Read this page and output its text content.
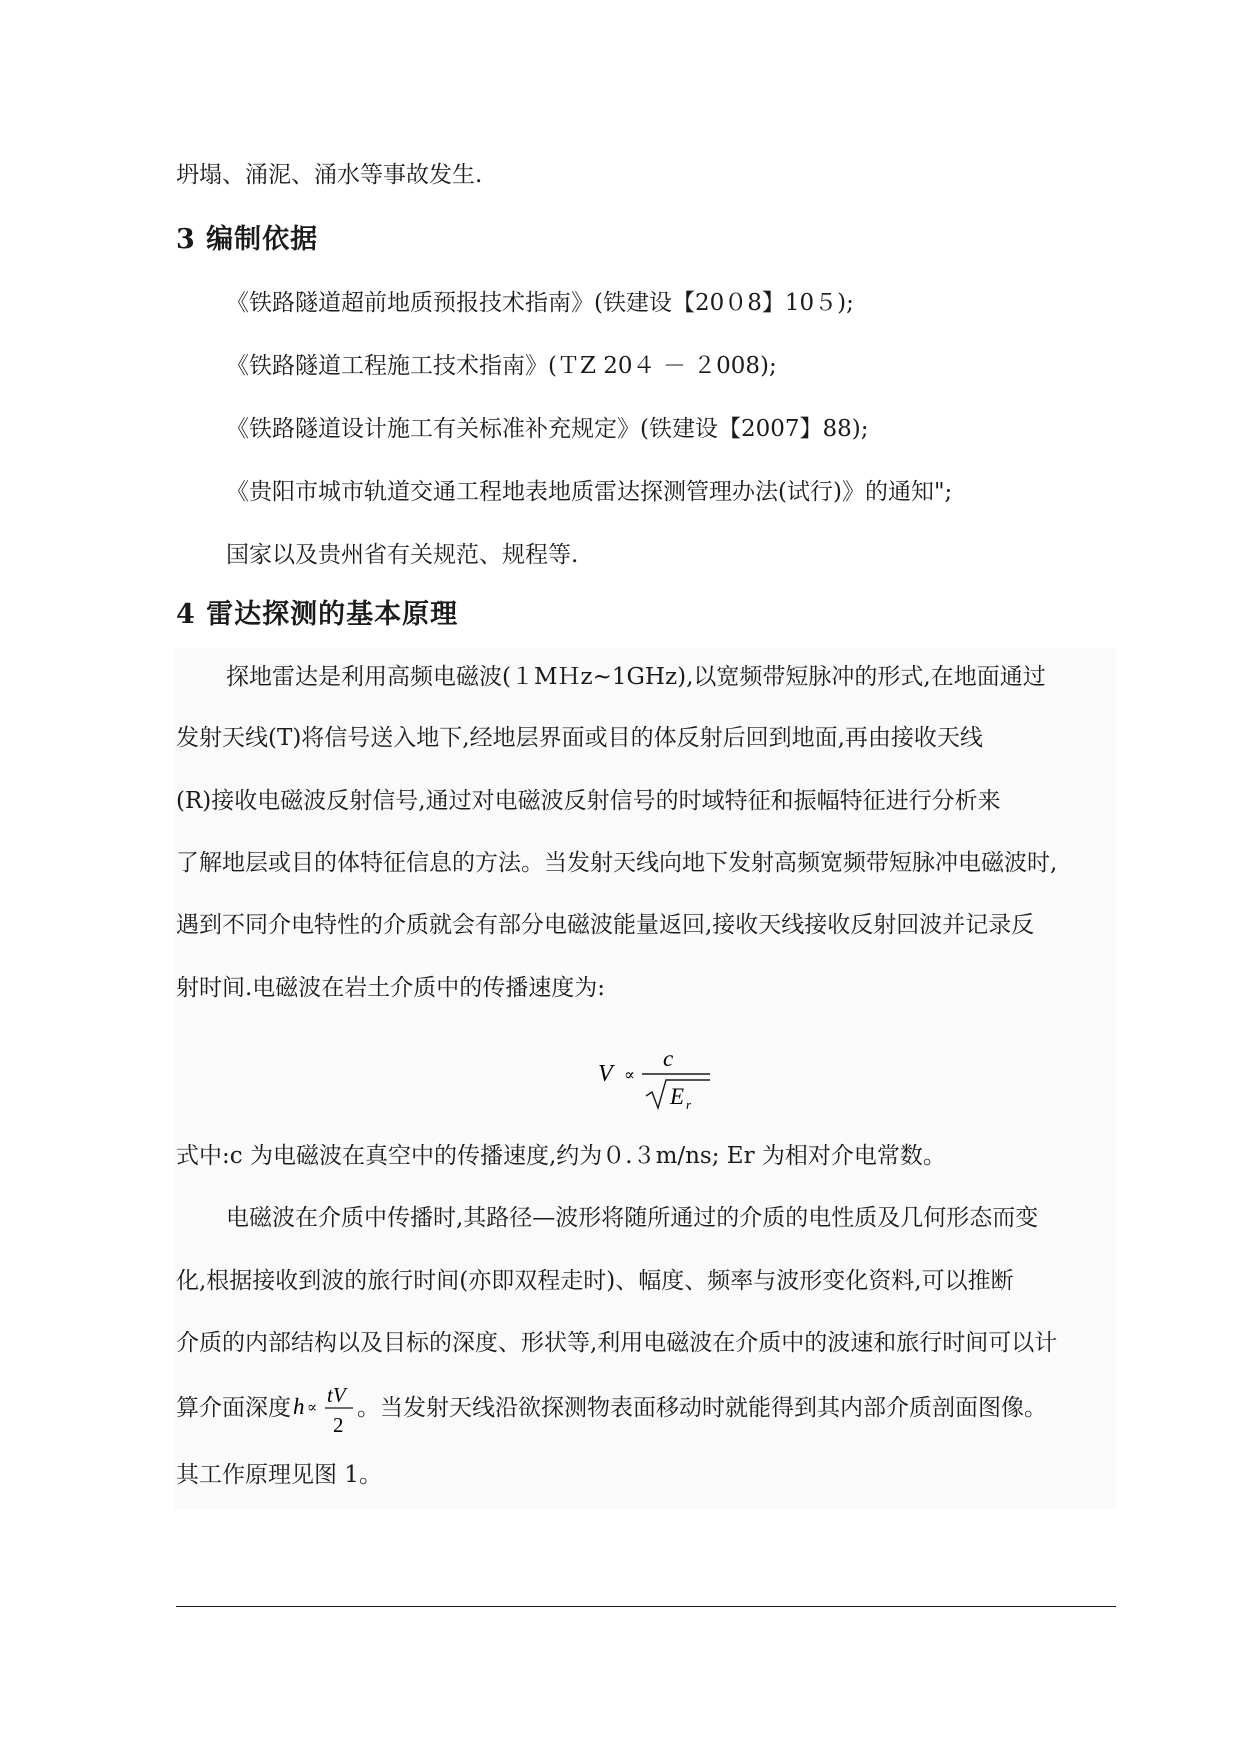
坍塌、涌泥、涌水等事故发生.
3 编制依据
《铁路隧道超前地质预报技术指南》(铁建设【20０8】10５);
《铁路隧道工程施工技术指南》(ＴZ 20４ － ２008);
《铁路隧道设计施工有关标准补充规定》(铁建设【2007】88);
《贵阳市城市轨道交通工程地表地质雷达探测管理办法(试行)》的通知";
国家以及贵州省有关规范、规程等.
4 雷达探测的基本原理
探地雷达是利用高频电磁波(１MＨz~1GHz),以宽频带短脉冲的形式,在地面通过
发射天线(T)将信号送入地下,经地层界面或目的体反射后回到地面,再由接收天线
(R)接收电磁波反射信号,通过对电磁波反射信号的时域特征和振幅特征进行分析来
了解地层或目的体特征信息的方法。当发射天线向地下发射高频宽频带短脉冲电磁波时,
遇到不同介电特性的介质就会有部分电磁波能量返回,接收天线接收反射回波并记录反
射时间.电磁波在岩土介质中的传播速度为:
V ∝
c
E r
式中:c 为电磁波在真空中的传播速度,约为０.３m/ns; Er 为相对介电常数。
电磁波在介质中传播时,其路径—波形将随所通过的介质的电性质及几何形态而变
化,根据接收到波的旅行时间(亦即双程走时)、幅度、频率与波形变化资料,可以推断
介质的内部结构以及目标的深度、形状等,利用电磁波在介质中的波速和旅行时间可以计
算介面深度 h ∝
tV
2
。当发射天线沿欲探测物表面移动时就能得到其内部介质剖面图像。
其工作原理见图 1。
